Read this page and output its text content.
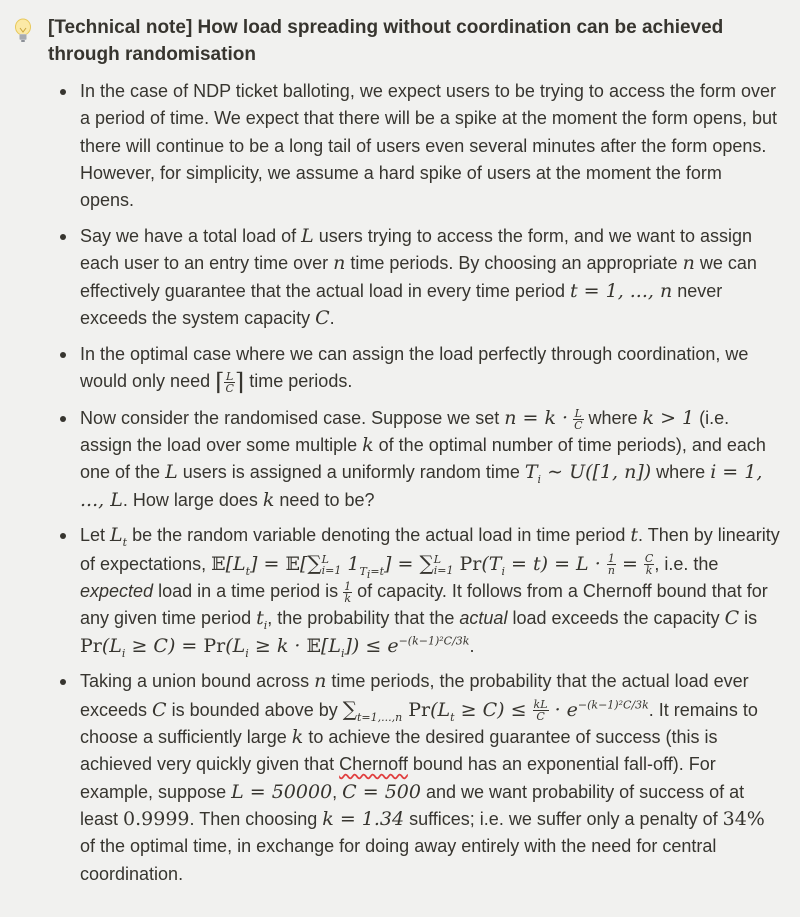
[Technical note] How load spreading without coordination can be achieved through randomisation
In the case of NDP ticket balloting, we expect users to be trying to access the form over a period of time. We expect that there will be a spike at the moment the form opens, but there will continue to be a long tail of users even several minutes after the form opens. However, for simplicity, we assume a hard spike of users at the moment the form opens.
Say we have a total load of L users trying to access the form, and we want to assign each user to an entry time over n time periods. By choosing an appropriate n we can effectively guarantee that the actual load in every time period t = 1, ..., n never exceeds the system capacity C.
In the optimal case where we can assign the load perfectly through coordination, we would only need ⌈ $\frac{L}{C}$ ⌉ time periods.
Now consider the randomised case. Suppose we set $n = k \cdot \frac{L}{C}$ where k > 1 (i.e. assign the load over some multiple k of the optimal number of time periods), and each one of the L users is assigned a uniformly random time $T_i$ ∼ U([1, n]) where i = 1, ..., L. How large does k need to be?
Let $L_t$ be the random variable denoting the actual load in time period t. Then by linearity of expectations, $𝔼[L_t]$ = 𝔼[∑ L
i=1 $1_{T_i=t}$] = ∑ L
i=1 $Pr(T_i = t) = L \cdot \frac{1}{n} = \frac{C}{k}$ , i.e. the expected load in a time period is $\frac{1}{k}$ of capacity. It follows from a Chernoff bound that for any given time period $t_i$, the probability that the actual load exceeds the capacity C is $Pr(L_i \ge C) = Pr(L_i \ge k$ · $𝔼[L_i]) \le e^{-(k-1)^2C/3k}$.
Taking a union bound across n time periods, the probability that the actual load ever exceeds C is bounded above by $\sum_{t=1,...,n}$ $Pr(L_t \ge C) \le \frac{kL}{C} \cdot e^{-(k-1)^2C/3k}$. It remains to choose a sufficiently large k to achieve the desired guarantee of success (this is achieved very quickly given that Chernoff bound has an exponential fall-off). For example, suppose L = 50000, C = 500 and we want probability of success of at least 0.9999. Then choosing k = 1.34 suffices; i.e. we suffer only a penalty of 34% of the optimal time, in exchange for doing away entirely with the need for central coordination.
